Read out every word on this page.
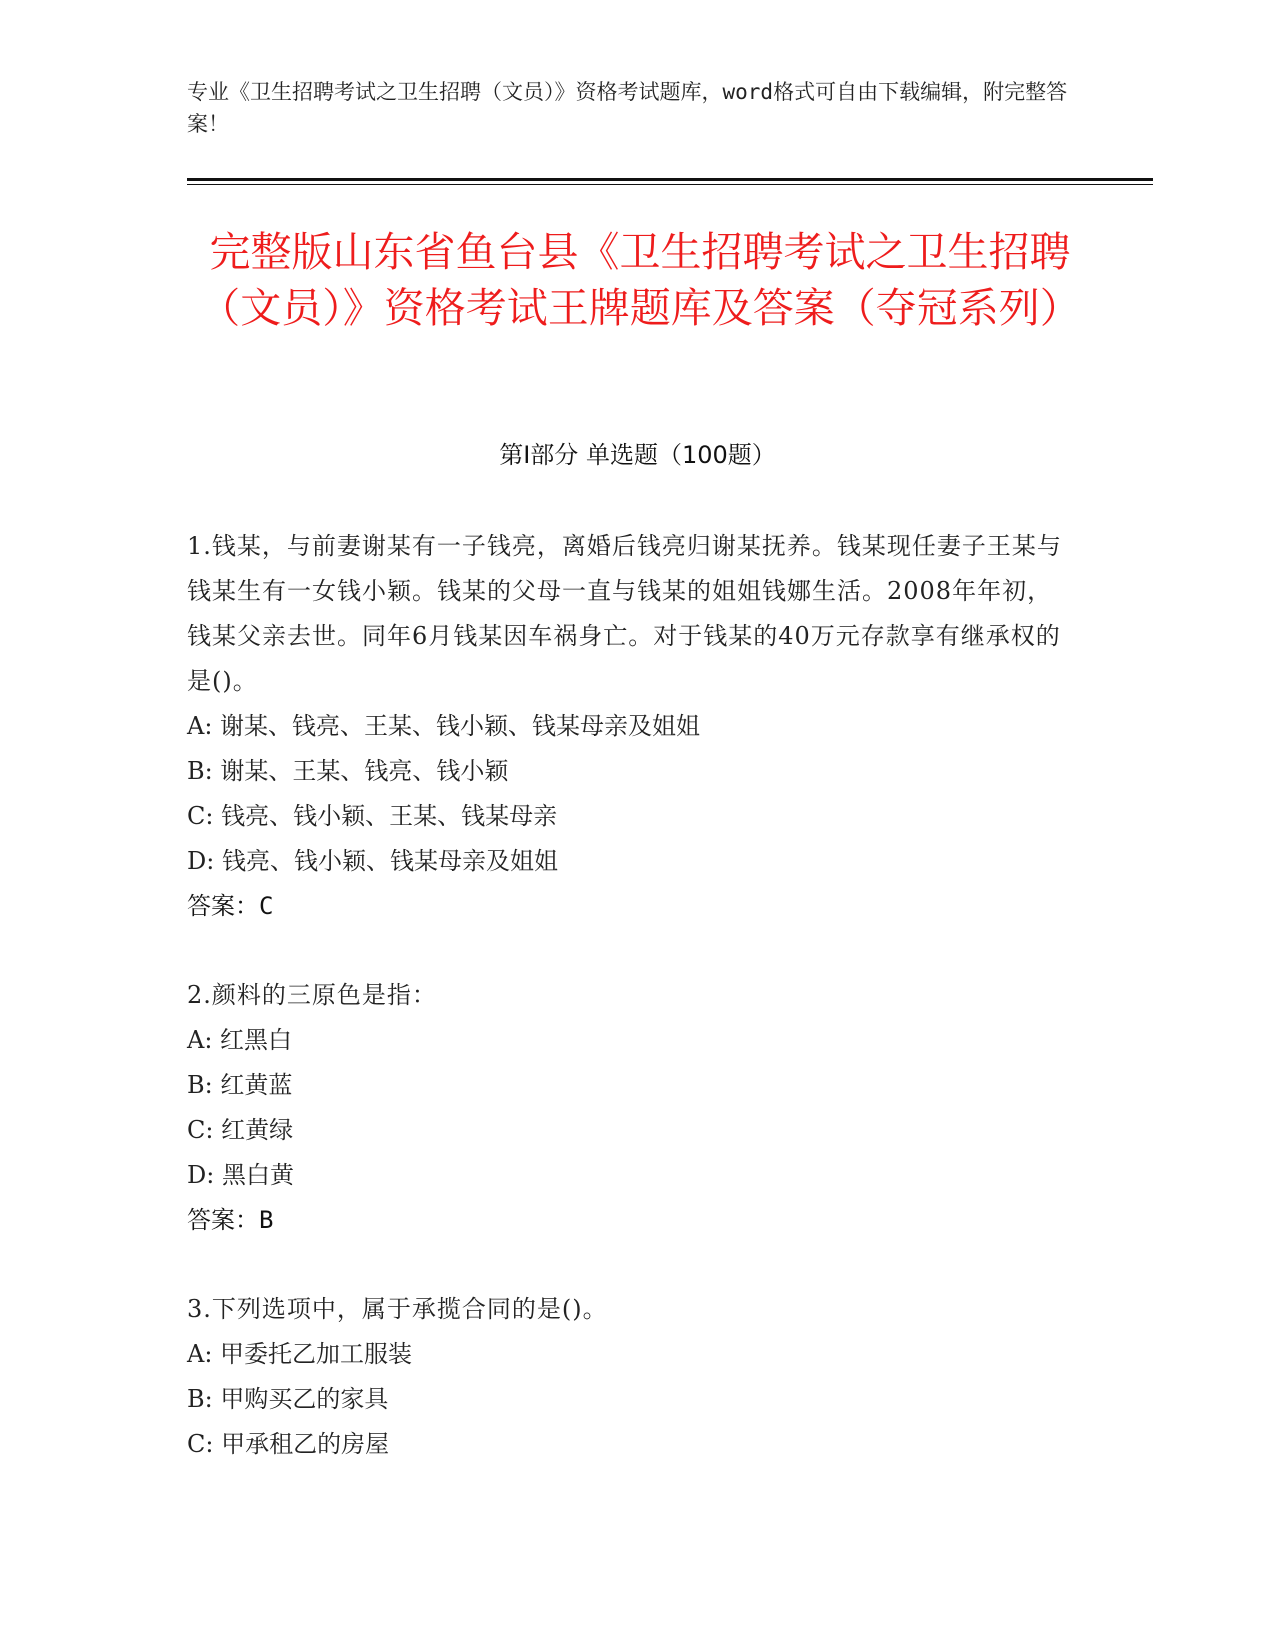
专业《卫生招聘考试之卫生招聘（文员）》资格考试题库，word格式可自由下载编辑，附完整答案！
完整版山东省鱼台县《卫生招聘考试之卫生招聘（文员）》资格考试王牌题库及答案（夺冠系列）
第Ⅰ部分 单选题（100题）
1.钱某，与前妻谢某有一子钱亮，离婚后钱亮归谢某抚养。钱某现任妻子王某与钱某生有一女钱小颖。钱某的父母一直与钱某的姐姐钱娜生活。2008年年初，钱某父亲去世。同年6月钱某因车祸身亡。对于钱某的40万元存款享有继承权的是()。
A: 谢某、钱亮、王某、钱小颖、钱某母亲及姐姐
B: 谢某、王某、钱亮、钱小颖
C: 钱亮、钱小颖、王某、钱某母亲
D: 钱亮、钱小颖、钱某母亲及姐姐
答案：C
2.颜料的三原色是指：
A: 红黑白
B: 红黄蓝
C: 红黄绿
D: 黑白黄
答案：B
3.下列选项中，属于承揽合同的是()。
A: 甲委托乙加工服装
B: 甲购买乙的家具
C: 甲承租乙的房屋
